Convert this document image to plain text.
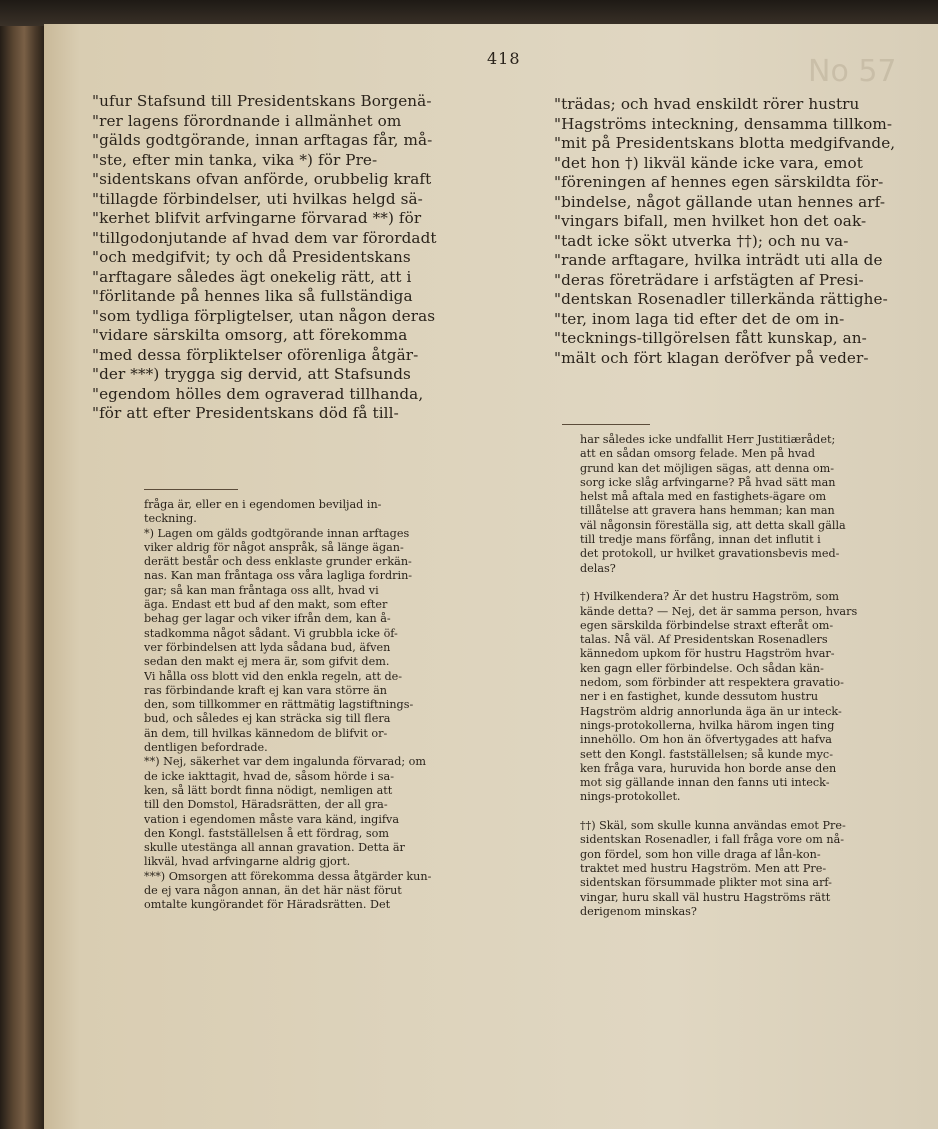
418	No 57
"ufur Stafsund till Presidentskans Borgenä-
"rer lagens förordnande i allmänhet om
"gälds godtgörande, innan arftagas får, må-
"ste, efter min tanka, vika *) för Pre-
"sidentskans ofvan anförde, orubbelig kraft
"tillagde förbindelser, uti hvilkas helgd sä-
"kerhet blifvit arfvingarne förvarad **) för
"tillgodonjutande af hvad dem var förordadt
"och medgifvit; ty och då Presidentskans
"arftagare således ägt onekelig rätt, att i
"förlitande på hennes lika så fullständiga
"som tydliga förpligtelser, utan någon deras
"vidare särskilta omsorg, att förekomma
"med dessa förpliktelser oförenliga åtgär-
"der ***) trygga sig dervid, att Stafsunds
"egendom hölles dem ograverad tillhanda,
"för att efter Presidentskans död få till-
fråga är, eller en i egendomen beviljad in-
teckning.
*) Lagen om gälds godtgörande innan arftages
viker aldrig för något anspråk, så länge ägan-
derätt består och dess enklaste grunder erkän-
nas. Kan man fråntaga oss våra lagliga fordrin-
gar; så kan man fråntaga oss allt, hvad vi
äga. Endast ett bud af den makt, som efter
behag ger lagar och viker ifrån dem, kan å-
stadkomma något sådant. Vi grubbla icke öf-
ver förbindelsen att lyda sådana bud, äfven
sedan den makt ej mera är, som gifvit dem.
Vi hålla oss blott vid den enkla regeln, att de-
ras förbindande kraft ej kan vara större än
den, som tillkommer en rättmätig lagstiftnings-
bud, och således ej kan sträcka sig till flera
än dem, till hvilkas kännedom de blifvit or-
dentligen befordrade.
**) Nej, säkerhet var dem ingalunda förvarad; om
de icke iakttagit, hvad de, såsom hörde i sa-
ken, så lätt bordt finna nödigt, nemligen att
till den Domstol, Häradsrätten, der all gra-
vation i egendomen måste vara känd, ingifva
den Kongl. fastställelsen å ett fördrag, som
skulle utestänga all annan gravation. Detta är
likväl, hvad arfvingarne aldrig gjort.
***) Omsorgen att förekomma dessa åtgärder kun-
de ej vara någon annan, än det här näst förut
omtalte kungörandet för Häradsrätten. Det
"trädas; och hvad enskildt rörer hustru
"Hagströms inteckning, densamma tillkom-
"mit på Presidentskans blotta medgifvande,
"det hon †) likväl kände icke vara, emot
"föreningen af hennes egen särskildta för-
"bindelse, något gällande utan hennes arf-
"vingars bifall, men hvilket hon det oak-
"tadt icke sökt utverka ††); och nu va-
"rande arftagare, hvilka inträdt uti alla de
"deras företrädare i arfstägten af Presi-
"dentskan Rosenadler tillerkända rättighe-
"ter, inom laga tid efter det de om in-
"tecknings-tillgörelsen fått kunskap, an-
"mält och fört klagan deröfver på veder-
har således icke undfallit Herr Justitiærådet;
att en sådan omsorg felade. Men på hvad
grund kan det möjligen sägas, att denna om-
sorg icke slåg arfvingarne? På hvad sätt man
helst må aftala med en fastighets-ägare om
tillåtelse att gravera hans hemman; kan man
väl någonsin föreställa sig, att detta skall gälla
till tredje mans förfång, innan det influtit i
det protokoll, ur hvilket gravationsbevis med-
delas?
†) Hvilkendera? Är det hustru Hagström, som
kände detta? — Nej, det är samma person, hvars
egen särskilda förbindelse straxt efteråt om-
talas. Nå väl. Af Presidentskan Rosenadlers
kännedom upkom för hustru Hagström hvar-
ken gagn eller förbindelse. Och sådan kän-
nedom, som förbinder att respektera gravatio-
ner i en fastighet, kunde dessutom hustru
Hagström aldrig annorlunda äga än ur inteck-
nings-protokollerna, hvilka härom ingen ting
innehöllo. Om hon än öfvertygades att hafva
sett den Kongl. fastställelsen; så kunde myc-
ken fråga vara, huruvida hon borde anse den
mot sig gällande innan den fanns uti inteck-
nings-protokollet.
††) Skäl, som skulle kunna användas emot Pre-
sidentskan Rosenadler, i fall fråga vore om nå-
gon fördel, som hon ville draga af lån-kon-
traktet med hustru Hagström. Men att Pre-
sidentskan försummade plikter mot sina arf-
vingar, huru skall väl hustru Hagströms rätt
derigenom minskas?
